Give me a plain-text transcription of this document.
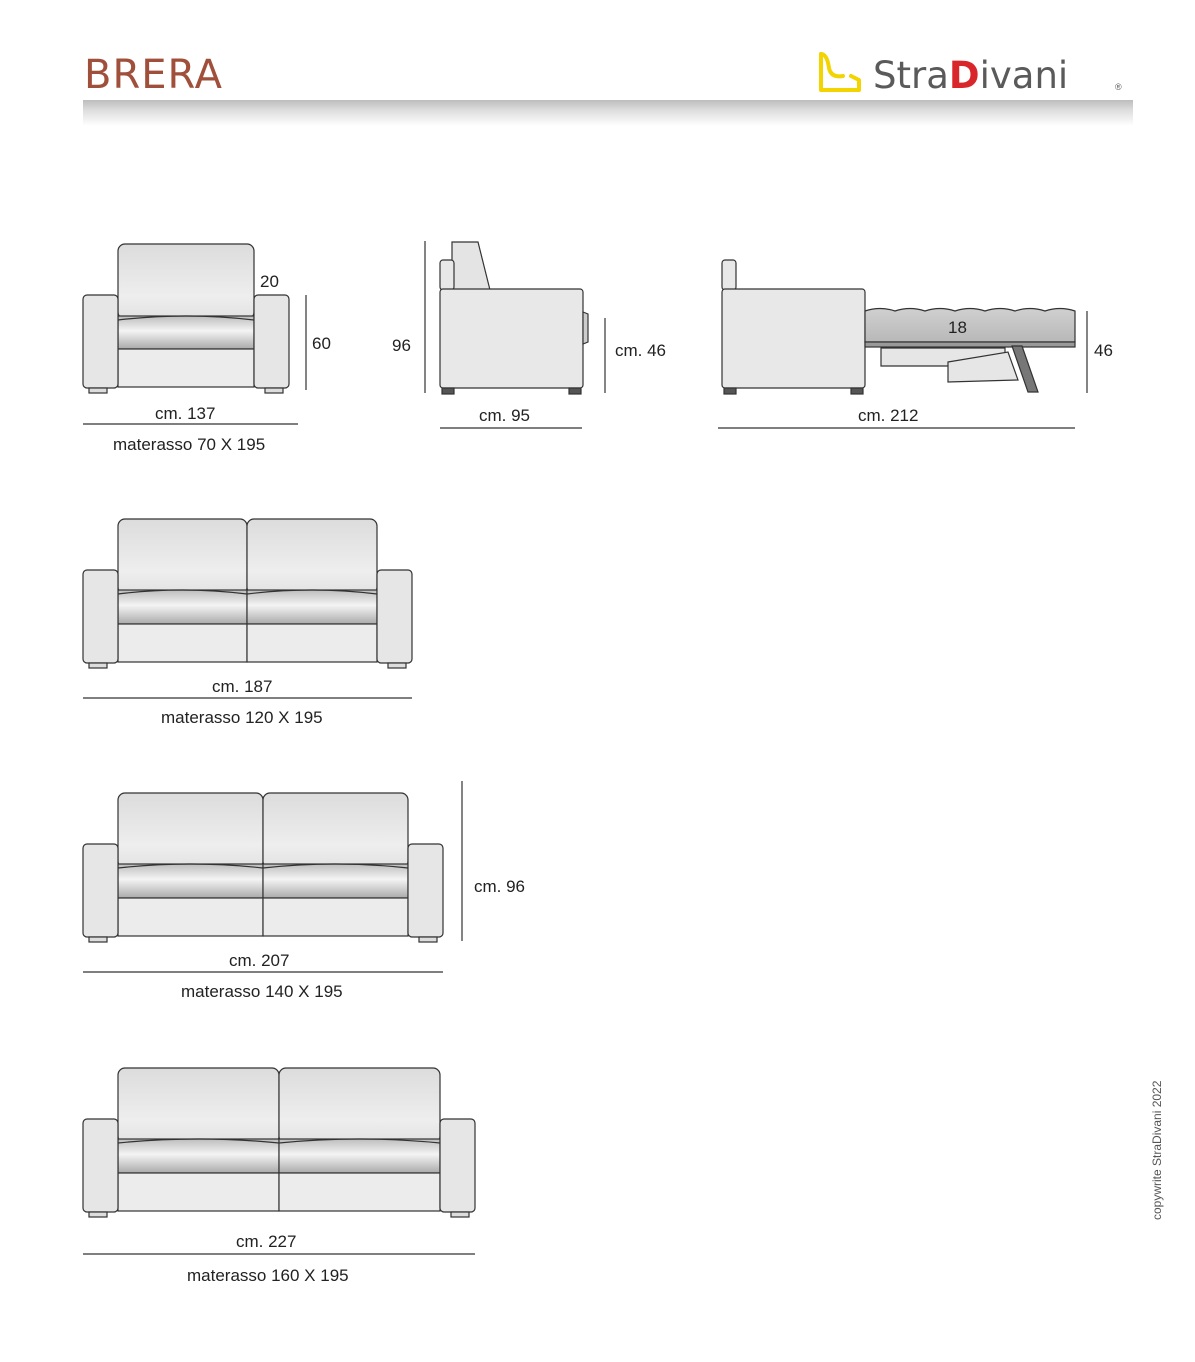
BRERA	StraDivani	®
20
60
cm. 137
materasso 70 X 195
96	cm. 46
cm. 95
18
46
cm. 212
cm. 187
materasso 120 X 195
cm. 96
cm. 207
materasso 140 X 195
cm. 227
materasso 160 X 195
copywrite StraDivani 2022
